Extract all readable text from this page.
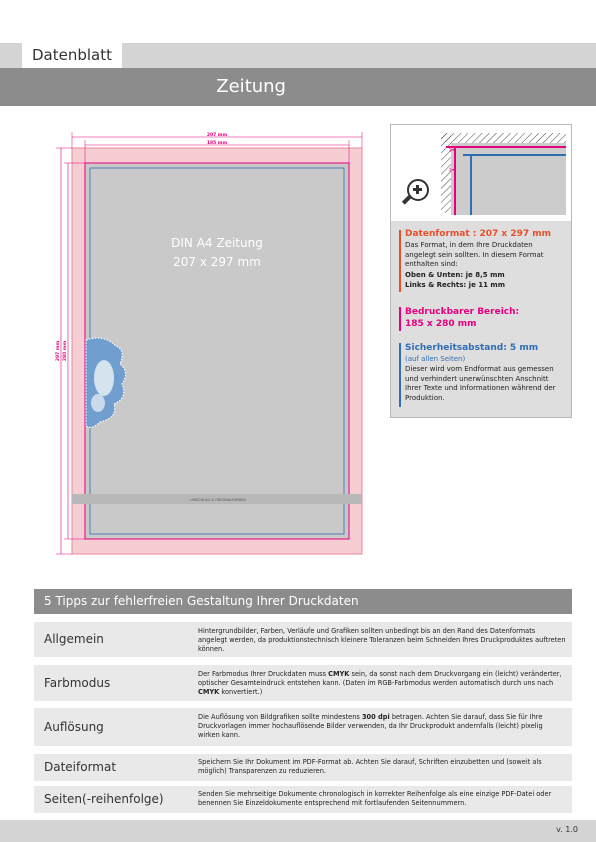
Datenblatt
Zeitung
UMSCHLAG & ORIGINALFARBEN
207 mm
185 mm
297 mm 280 mm
DIN A4 Zeitung
207 x 297 mm
✂
✂
Datenformat : 207 x 297 mm
Das Format, in dem Ihre Druckdaten angelegt sein sollten. In diesem Format enthalten sind:
Oben & Unten: je 8,5 mm
Links & Rechts: je 11 mm
Bedruckbarer Bereich:
185 x 280 mm
Sicherheitsabstand: 5 mm
(auf allen Seiten)
Dieser wird vom Endformat aus gemessen und verhindert unerwünschten Anschnitt Ihrer Texte und Informationen während der Produktion.
5 Tipps zur fehlerfreien Gestaltung Ihrer Druckdaten
Allgemein
Hintergrundbilder, Farben, Verläufe und Grafiken sollten unbedingt bis an den Rand des Datenformats angelegt werden, da produktionstechnisch kleinere Toleranzen beim Schneiden Ihres Druckproduktes auftreten können.
Farbmodus
Der Farbmodus Ihrer Druckdaten muss CMYK sein, da sonst nach dem Druckvorgang ein (leicht) veränderter, optischer Gesamteindruck entstehen kann. (Daten im RGB-Farbmodus werden automatisch durch uns nach CMYK konvertiert.)
Auflösung
Die Auflösung von Bildgrafiken sollte mindestens 300 dpi betragen. Achten Sie darauf, dass Sie für Ihre Druckvorlagen immer hochauflösende Bilder verwenden, da Ihr Druckprodukt andernfalls (leicht) pixelig wirken kann.
Dateiformat	Speichern Sie Ihr Dokument im PDF-Format ab. Achten Sie darauf, Schriften einzubetten und (soweit als möglich) Transparenzen zu reduzieren.
Seiten(-reihenfolge)	Senden Sie mehrseitige Dokumente chronologisch in korrekter Reihenfolge als eine einzige PDF-Datei oder benennen Sie Einzeldokumente entsprechend mit fortlaufenden Seitennummern.
v. 1.0
